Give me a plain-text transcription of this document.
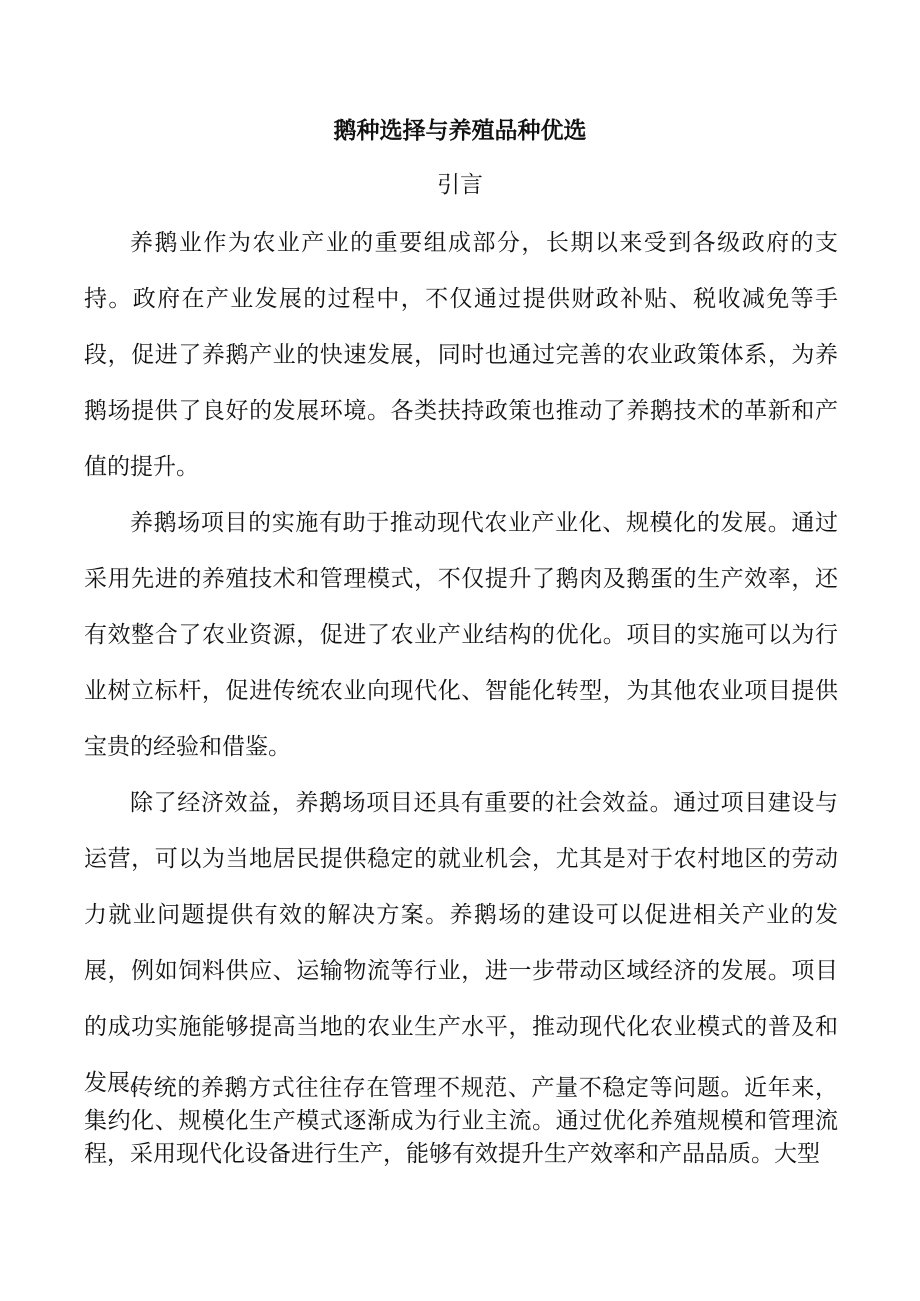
鹅种选择与养殖品种优选
引言

养鹅业作为农业产业的重要组成部分，长期以来受到各级政府的支持。政府在产业发展的过程中，不仅通过提供财政补贴、税收减免等手段，促进了养鹅产业的快速发展，同时也通过完善的农业政策体系，为养鹅场提供了良好的发展环境。各类扶持政策也推动了养鹅技术的革新和产值的提升。

养鹅场项目的实施有助于推动现代农业产业化、规模化的发展。通过采用先进的养殖技术和管理模式，不仅提升了鹅肉及鹅蛋的生产效率，还有效整合了农业资源，促进了农业产业结构的优化。项目的实施可以为行业树立标杆，促进传统农业向现代化、智能化转型，为其他农业项目提供宝贵的经验和借鉴。

除了经济效益，养鹅场项目还具有重要的社会效益。通过项目建设与运营，可以为当地居民提供稳定的就业机会，尤其是对于农村地区的劳动力就业问题提供有效的解决方案。养鹅场的建设可以促进相关产业的发展，例如饲料供应、运输物流等行业，进一步带动区域经济的发展。项目的成功实施能够提高当地的农业生产水平，推动现代化农业模式的普及和发展。

传统的养鹅方式往往存在管理不规范、产量不稳定等问题。近年来，集约化、规模化生产模式逐渐成为行业主流。通过优化养殖规模和管理流程，采用现代化设备进行生产，能够有效提升生产效率和产品品质。大型
